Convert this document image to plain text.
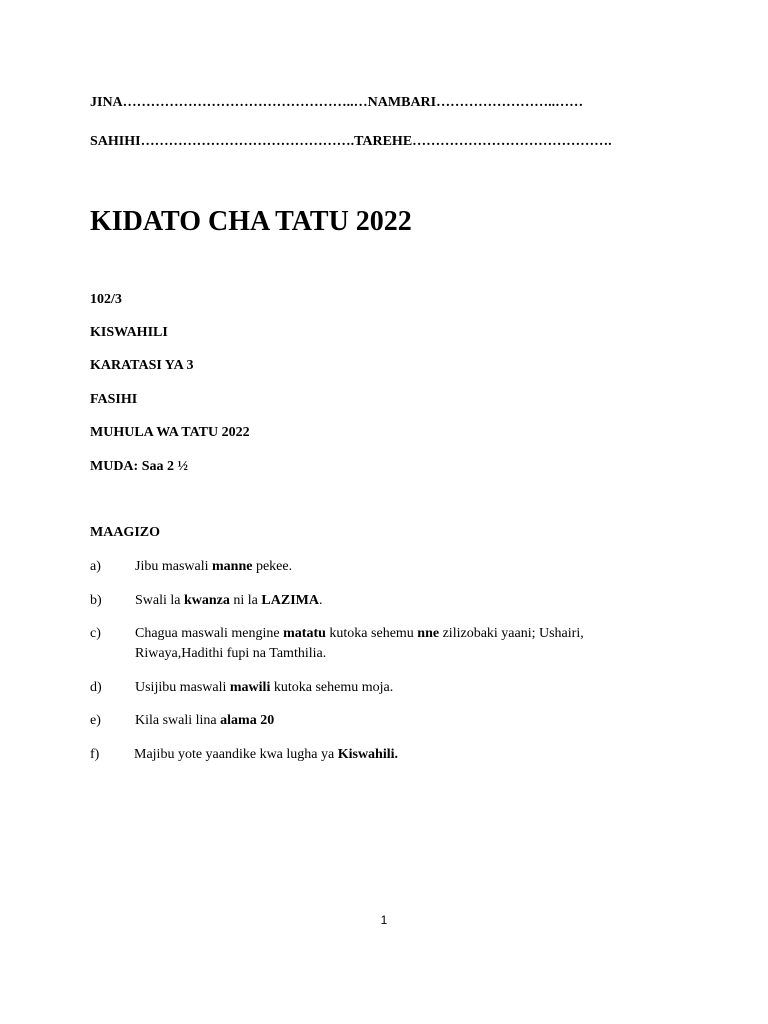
JINA…………………………………………..…NAMBARI……………………..……
SAHIHI……………………………………….TAREHE…………………………………….
KIDATO CHA TATU 2022
102/3
KISWAHILI
KARATASI YA 3
FASIHI
MUHULA WA TATU 2022
MUDA: Saa 2 ½
MAAGIZO
a) Jibu maswali manne pekee.
b) Swali la kwanza ni la LAZIMA.
c) Chagua maswali mengine matatu kutoka sehemu nne zilizobaki yaani; Ushairi, Riwaya,Hadithi fupi na Tamthilia.
d) Usijibu maswali mawili kutoka sehemu moja.
e) Kila swali lina alama 20
f) Majibu yote yaandike kwa lugha ya Kiswahili.
1
